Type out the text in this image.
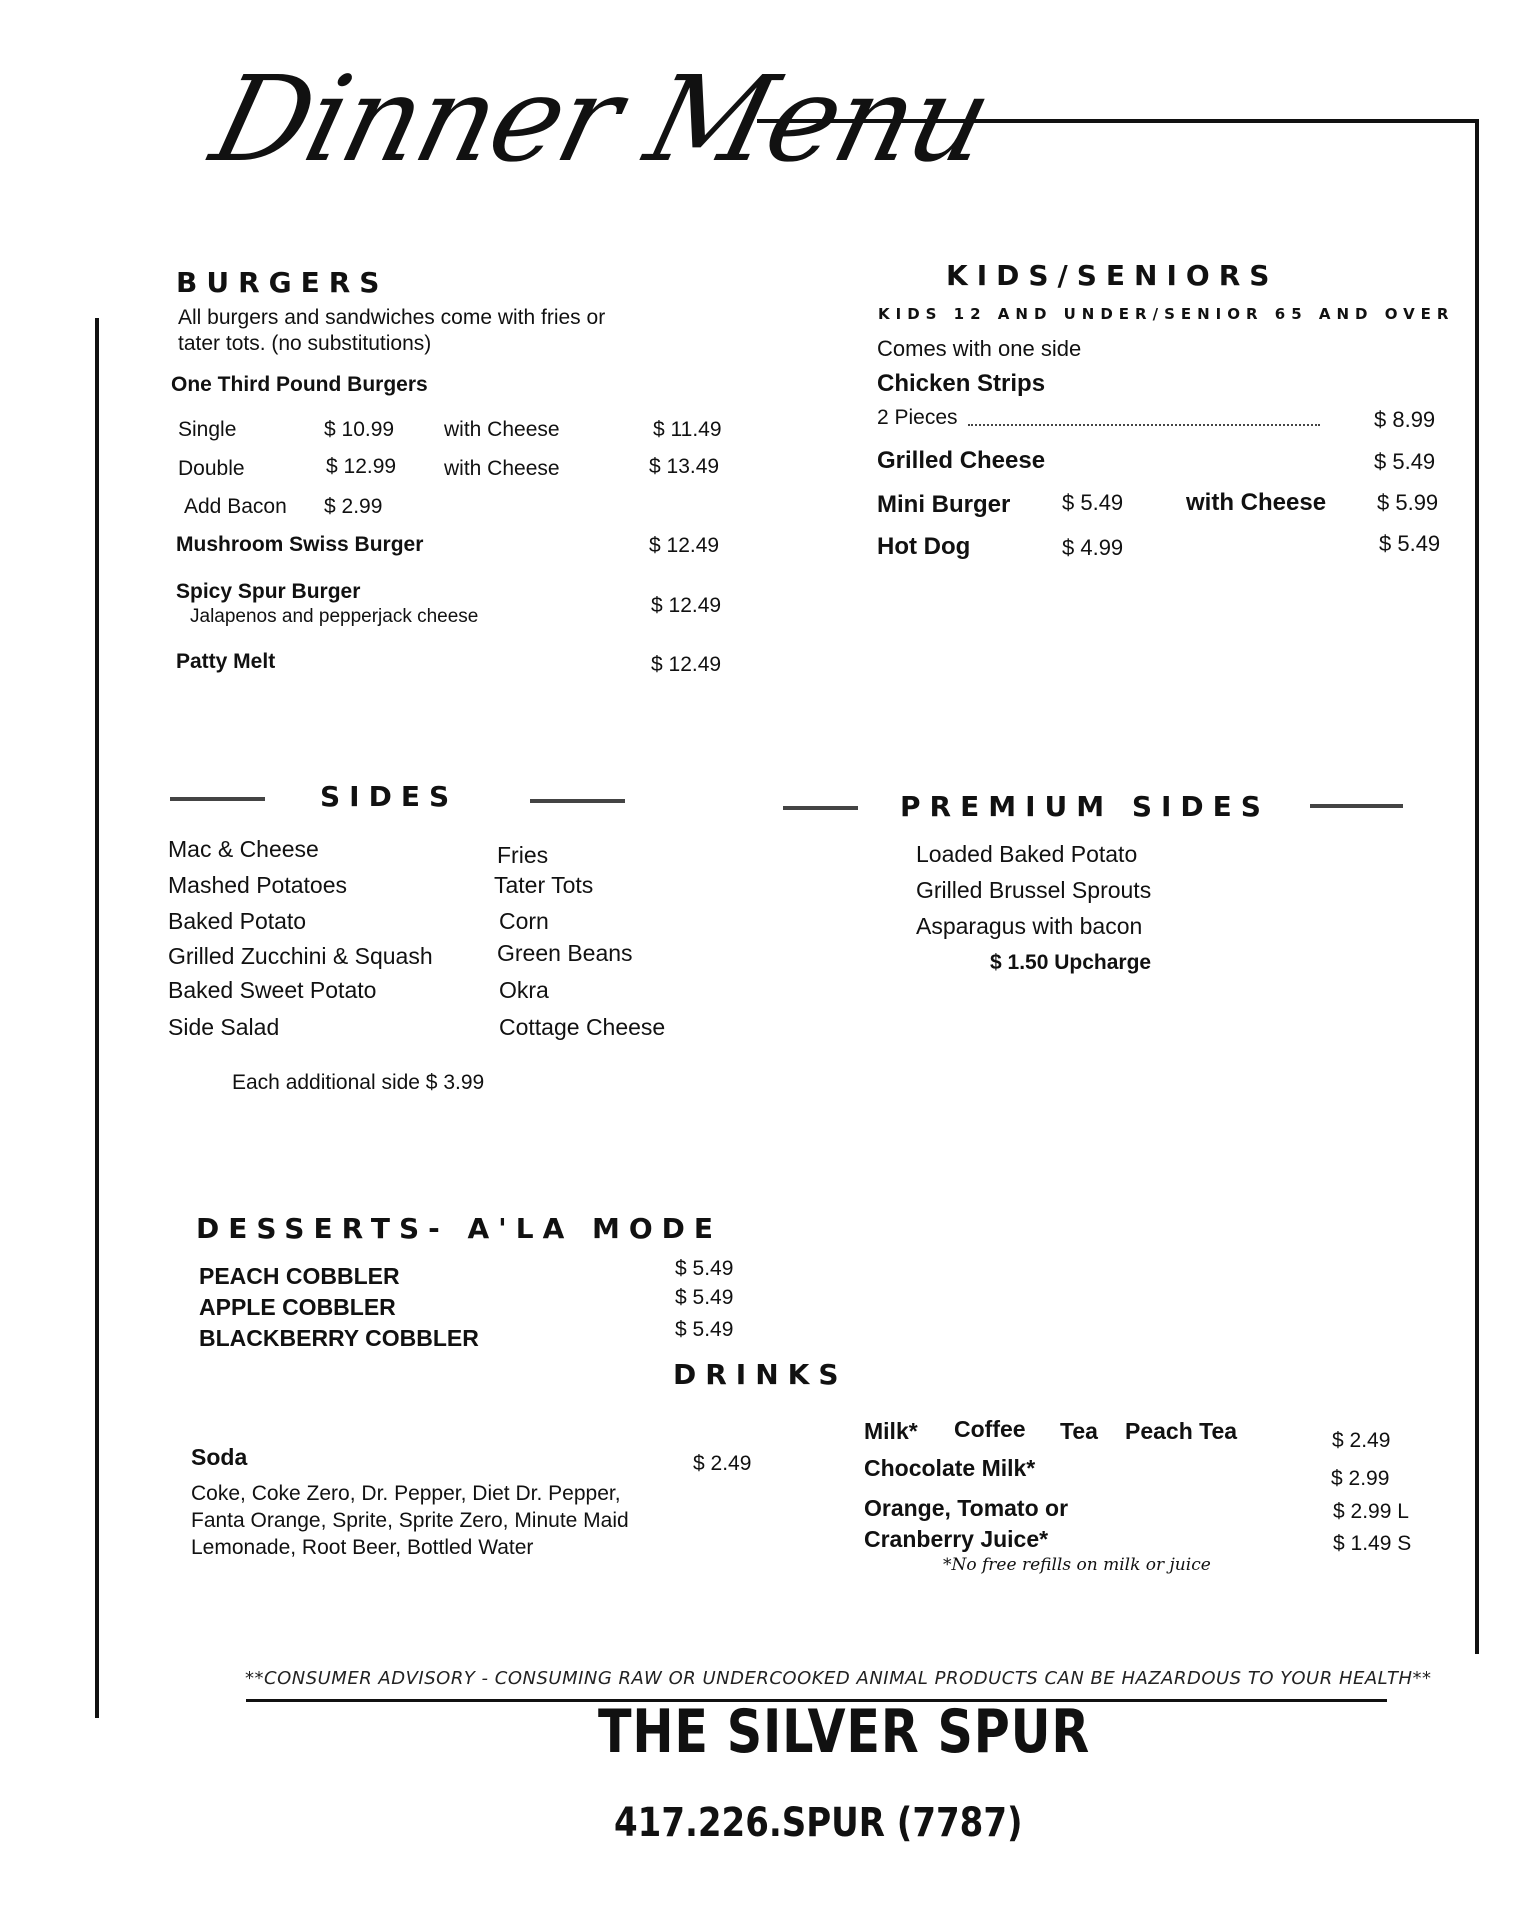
Dinner Menu
BURGERS
All burgers and sandwiches come with fries or
tater tots. (no substitutions)
One Third Pound Burgers
Single	$ 10.99 with Cheese	$ 11.49
Double	$ 12.99 with Cheese	$ 13.49
Add Bacon $ 2.99
Mushroom Swiss Burger	$ 12.49
Spicy Spur Burger
Jalapenos and pepperjack cheese	$ 12.49
Patty Melt	$ 12.49
KIDS/SENIORS
KIDS 12 AND UNDER/SENIOR 65 AND OVER
Comes with one side
Chicken Strips
2 Pieces	$ 8.99
Grilled Cheese	$ 5.49
Mini Burger $ 5.49	with Cheese $ 5.99
Hot Dog	$ 4.99	$ 5.49
SIDES
Mac & Cheese
Mashed Potatoes
Baked Potato
Grilled Zucchini & Squash
Baked Sweet Potato
Side Salad
Fries
Tater Tots
Corn
Green Beans
Okra
Cottage Cheese
Each additional side $ 3.99
PREMIUM SIDES
Loaded Baked Potato
Grilled Brussel Sprouts
Asparagus with bacon
$ 1.50 Upcharge
DESSERTS- A'LA MODE
PEACH COBBLER	$ 5.49
APPLE COBBLER	$ 5.49
BLACKBERRY COBBLER	$ 5.49
DRINKS
Soda	$ 2.49
Coke, Coke Zero, Dr. Pepper, Diet Dr. Pepper,
Fanta Orange, Sprite, Sprite Zero, Minute Maid
Lemonade, Root Beer, Bottled Water
Milk* Coffee Tea Peach Tea	$ 2.49
Chocolate Milk*	$ 2.99
Orange, Tomato or
Cranberry Juice*
$ 2.99 L
$ 1.49 S
*No free refills on milk or juice
**CONSUMER ADVISORY - CONSUMING RAW OR UNDERCOOKED ANIMAL PRODUCTS CAN BE HAZARDOUS TO YOUR HEALTH**
THE SILVER SPUR
417.226.SPUR (7787)
